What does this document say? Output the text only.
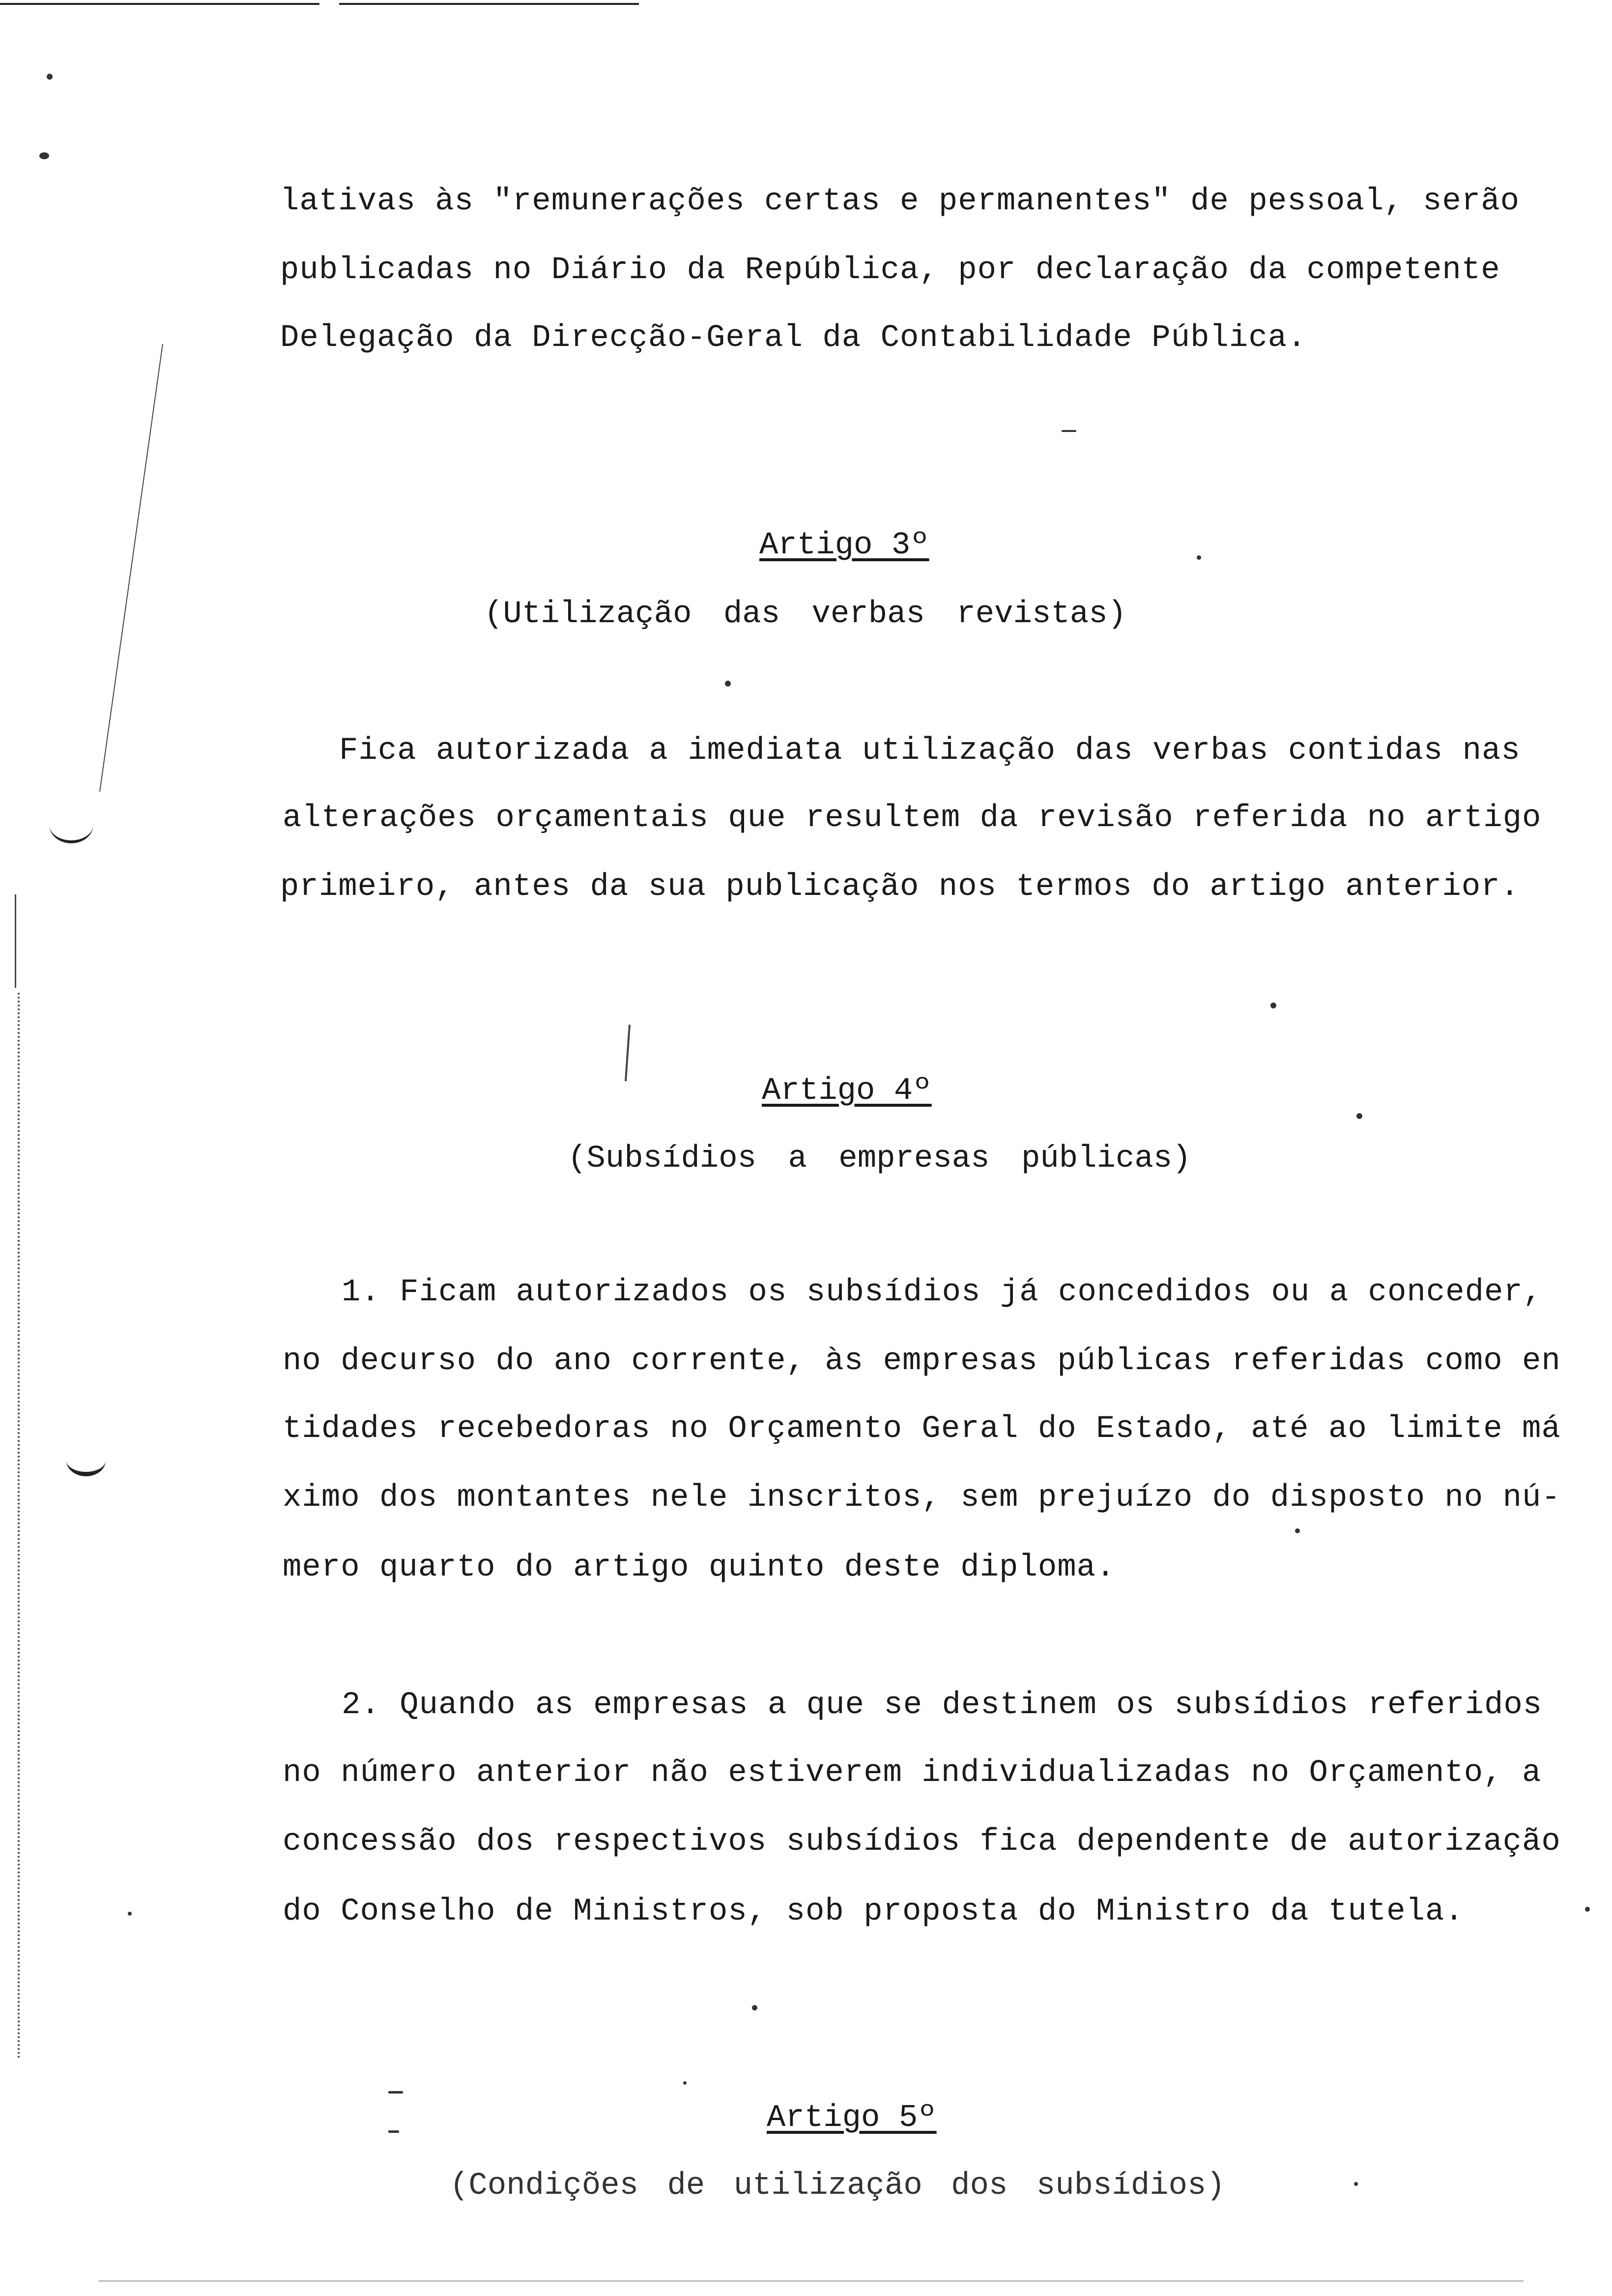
lativas às "remunerações certas e permanentes" de pessoal, serão
publicadas no Diário da República, por declaração da competente
Delegação da Direcção-Geral da Contabilidade Pública.
Artigo 3º
(Utilização das verbas revistas)
Fica autorizada a imediata utilização das verbas contidas nas
alterações orçamentais que resultem da revisão referida no artigo
primeiro, antes da sua publicação nos termos do artigo anterior.
Artigo 4º
(Subsídios a empresas públicas)
1. Ficam autorizados os subsídios já concedidos ou a conceder,
no decurso do ano corrente, às empresas públicas referidas como en
tidades recebedoras no Orçamento Geral do Estado, até ao limite má
ximo dos montantes nele inscritos, sem prejuízo do disposto no nú-
mero quarto do artigo quinto deste diploma.
2. Quando as empresas a que se destinem os subsídios referidos
no número anterior não estiverem individualizadas no Orçamento, a
concessão dos respectivos subsídios fica dependente de autorização
do Conselho de Ministros, sob proposta do Ministro da tutela.
Artigo 5º
(Condições de utilização dos subsídios)
